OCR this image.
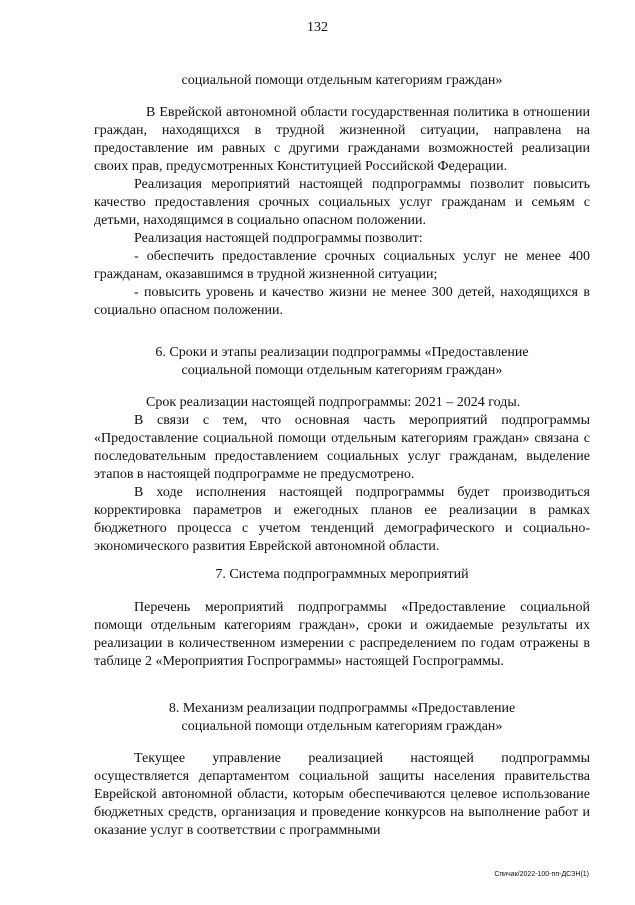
132
социальной помощи отдельным категориям граждан»

В Еврейской автономной области государственная политика в отношении граждан, находящихся в трудной жизненной ситуации, направлена на предоставление им равных с другими гражданами возможностей реализации своих прав, предусмотренных Конституцией Российской Федерации.

Реализация мероприятий настоящей подпрограммы позволит повысить качество предоставления срочных социальных услуг гражданам и семьям с детьми, находящимся в социально опасном положении.

Реализация настоящей подпрограммы позволит:

- обеспечить предоставление срочных социальных услуг не менее 400 гражданам, оказавшимся в трудной жизненной ситуации;

- повысить уровень и качество жизни не менее 300 детей, находящихся в социально опасном положении.

6. Сроки и этапы реализации подпрограммы «Предоставление
социальной помощи отдельным категориям граждан»

Срок реализации настоящей подпрограммы: 2021 – 2024 годы.

В связи с тем, что основная часть мероприятий подпрограммы «Предоставление социальной помощи отдельным категориям граждан» связана с последовательным предоставлением социальных услуг гражданам, выделение этапов в настоящей подпрограмме не предусмотрено.

В ходе исполнения настоящей подпрограммы будет производиться корректировка параметров и ежегодных планов ее реализации в рамках бюджетного процесса с учетом тенденций демографического и социально-экономического развития Еврейской автономной области.

7. Система подпрограммных мероприятий

Перечень мероприятий подпрограммы «Предоставление социальной помощи отдельным категориям граждан», сроки и ожидаемые результаты их реализации в количественном измерении с распределением по годам отражены в таблице 2 «Мероприятия Госпрограммы» настоящей Госпрограммы.

8. Механизм реализации подпрограммы «Предоставление
социальной помощи отдельным категориям граждан»

Текущее управление реализацией настоящей подпрограммы осуществляется департаментом социальной защиты населения правительства Еврейской автономной области, которым обеспечиваются целевое использование бюджетных средств, организация и проведение конкурсов на выполнение работ и оказание услуг в соответствии с программными

Спичак/2022-100-пп-ДСЗН(1)
